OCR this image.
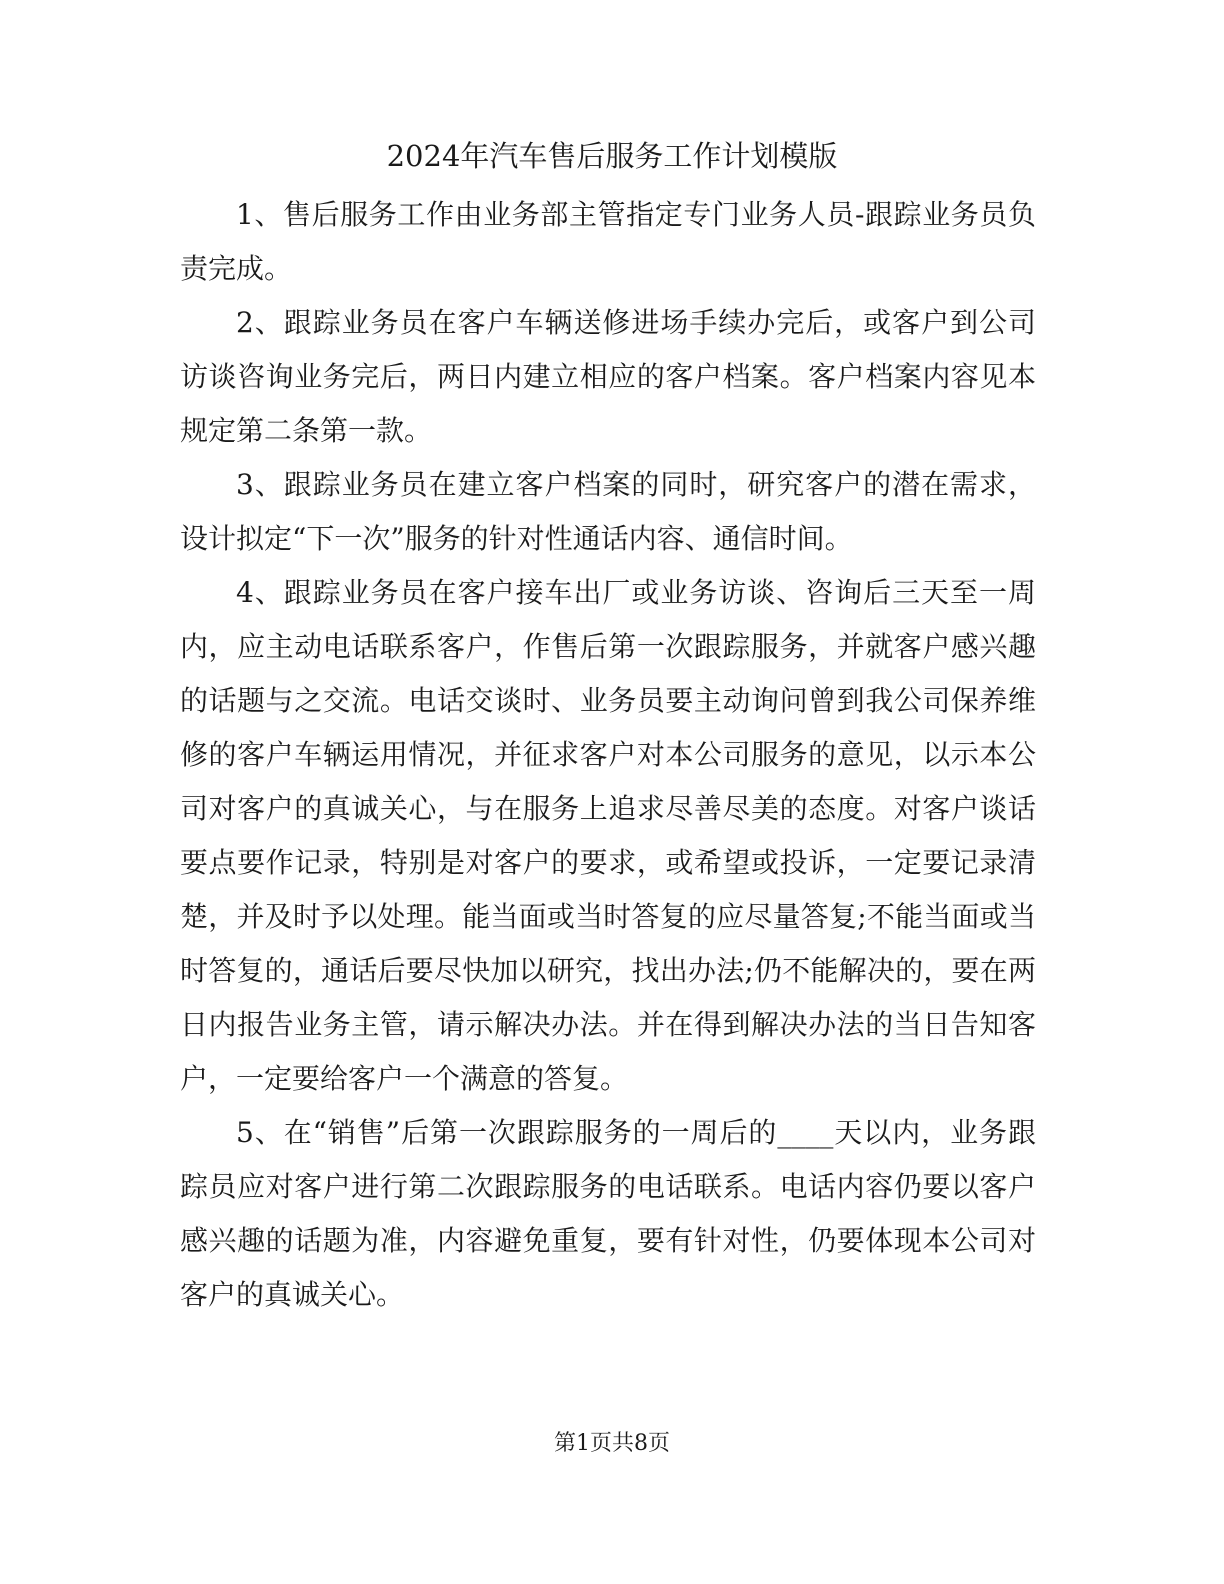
2024年汽车售后服务工作计划模版

1、售后服务工作由业务部主管指定专门业务人员-跟踪业务员负责完成。

2、跟踪业务员在客户车辆送修进场手续办完后，或客户到公司访谈咨询业务完后，两日内建立相应的客户档案。客户档案内容见本规定第二条第一款。

3、跟踪业务员在建立客户档案的同时，研究客户的潜在需求，设计拟定“下一次”服务的针对性通话内容、通信时间。

4、跟踪业务员在客户接车出厂或业务访谈、咨询后三天至一周内，应主动电话联系客户，作售后第一次跟踪服务，并就客户感兴趣的话题与之交流。电话交谈时、业务员要主动询问曾到我公司保养维修的客户车辆运用情况，并征求客户对本公司服务的意见，以示本公司对客户的真诚关心，与在服务上追求尽善尽美的态度。对客户谈话要点要作记录，特别是对客户的要求，或希望或投诉，一定要记录清楚，并及时予以处理。能当面或当时答复的应尽量答复;不能当面或当时答复的，通话后要尽快加以研究，找出办法;仍不能解决的，要在两日内报告业务主管，请示解决办法。并在得到解决办法的当日告知客户，一定要给客户一个满意的答复。

5、在“销售”后第一次跟踪服务的一周后的____天以内，业务跟踪员应对客户进行第二次跟踪服务的电话联系。电话内容仍要以客户感兴趣的话题为准，内容避免重复，要有针对性，仍要体现本公司对客户的真诚关心。

第1页共8页
